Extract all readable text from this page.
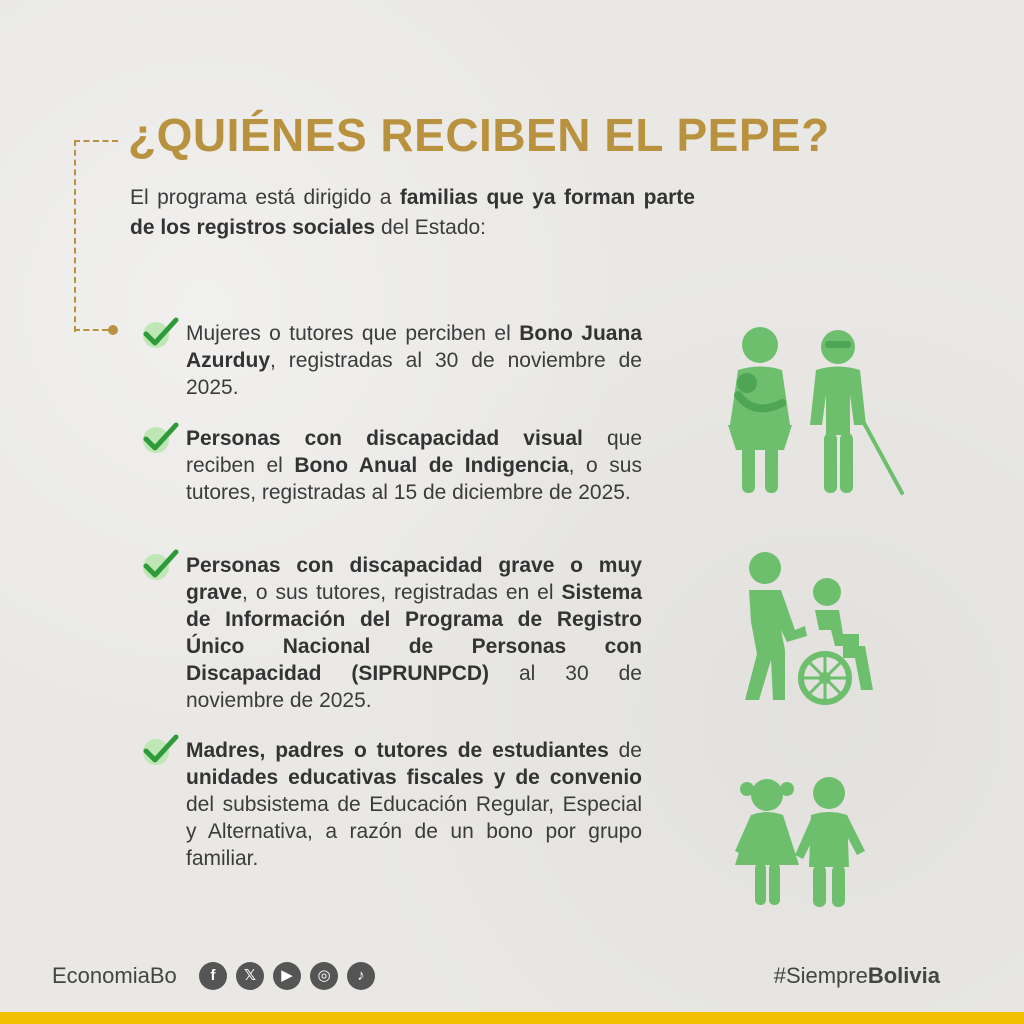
¿QUIÉNES RECIBEN EL PEPE?

El programa está dirigido a familias que ya forman parte de los registros sociales del Estado:

Mujeres o tutores que perciben el Bono Juana Azurduy, registradas al 30 de noviembre de 2025.

Personas con discapacidad visual que reciben el Bono Anual de Indigencia, o sus tutores, registradas al 15 de diciembre de 2025.

Personas con discapacidad grave o muy grave, o sus tutores, registradas en el Sistema de Información del Programa de Registro Único Nacional de Personas con Discapacidad (SIPRUNPCD) al 30 de noviembre de 2025.

Madres, padres o tutores de estudiantes de unidades educativas fiscales y de convenio del subsistema de Educación Regular, Especial y Alternativa, a razón de un bono por grupo familiar.

EconomiaBo	f	𝕏	▶	◎	♪	#SiempreBolivia
